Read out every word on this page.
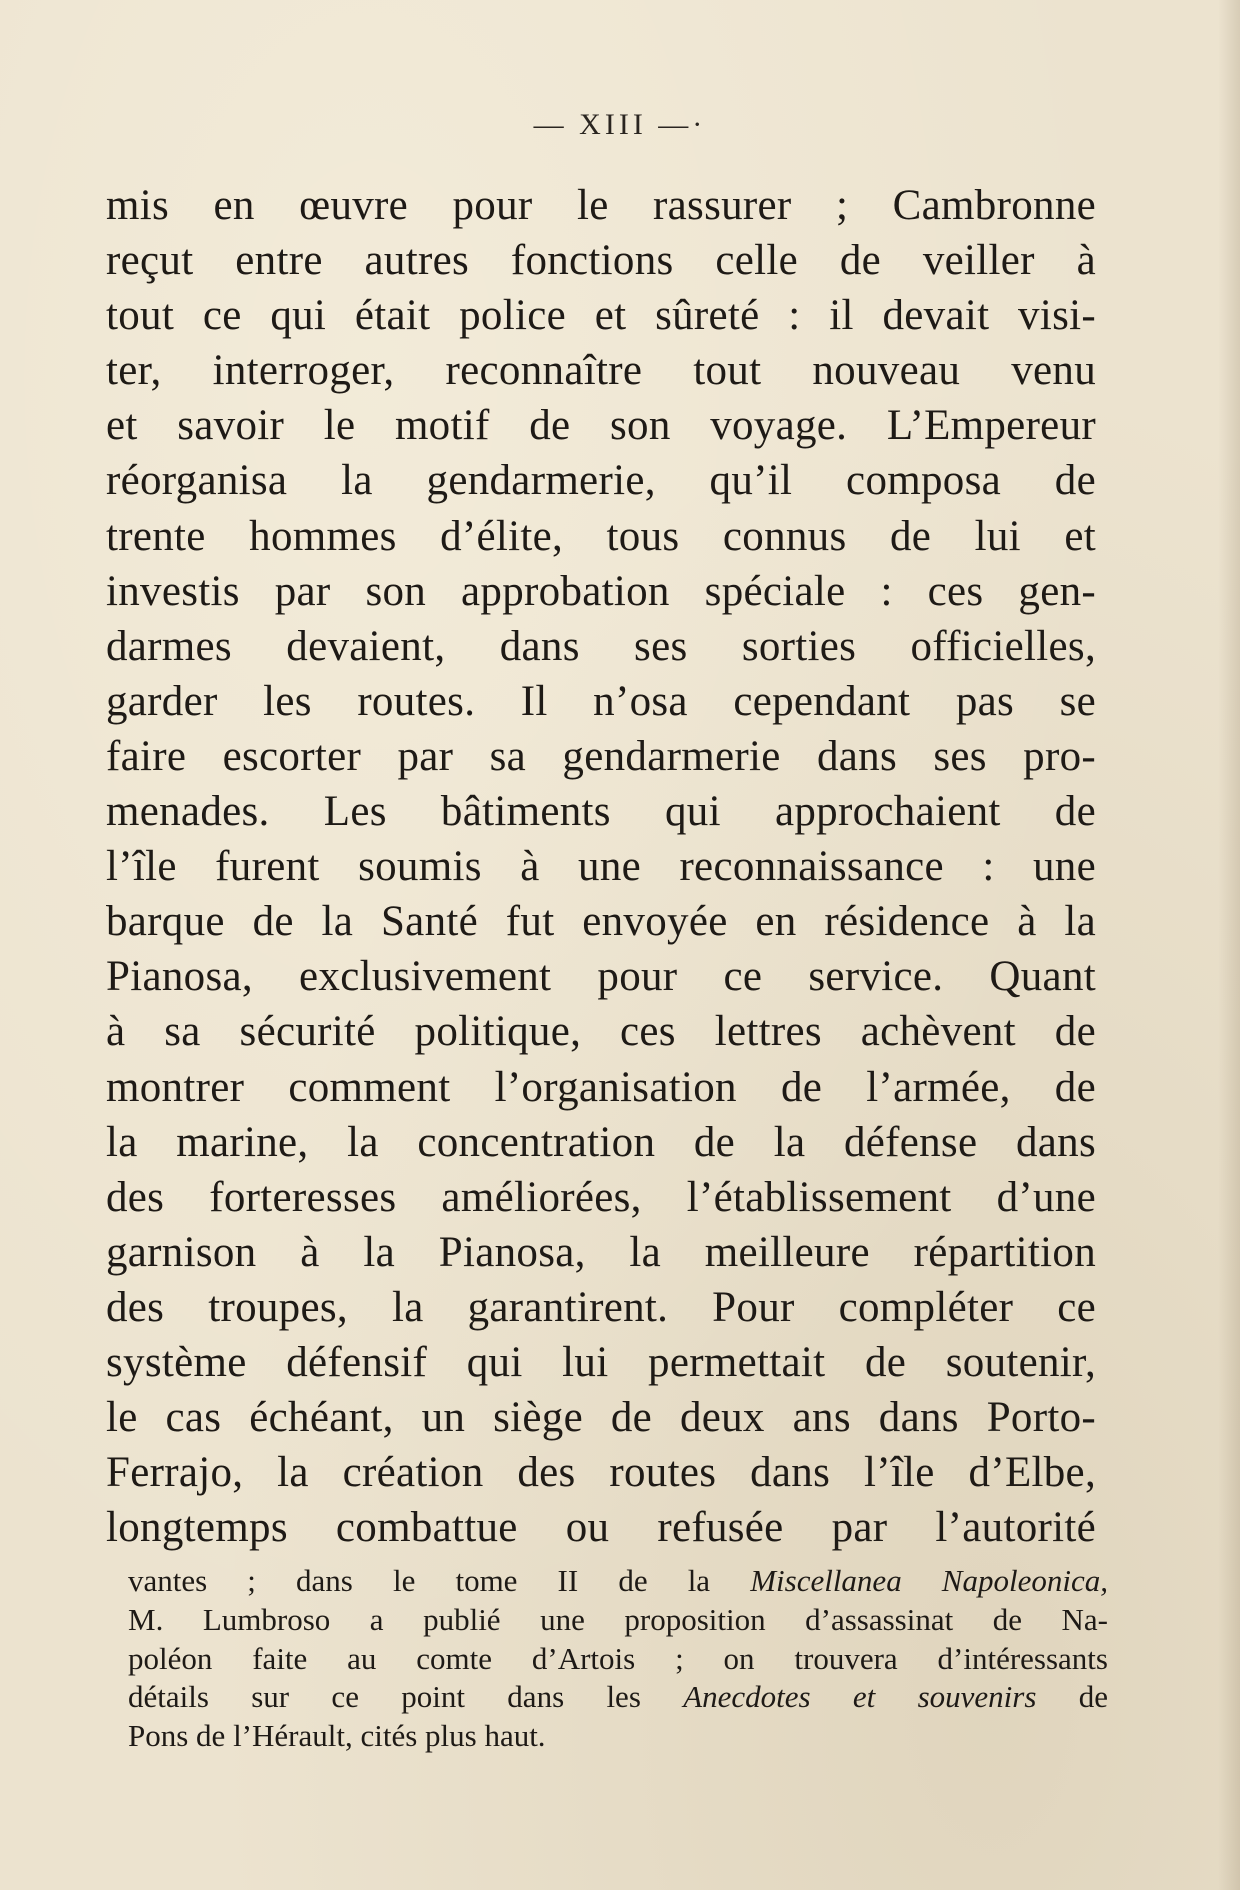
— XIII —·
mis en œuvre pour le rassurer ; Cambronne
reçut entre autres fonctions celle de veiller à
tout ce qui était police et sûreté : il devait visi-
ter, interroger, reconnaître tout nouveau venu
et savoir le motif de son voyage. L’Empereur
réorganisa la gendarmerie, qu’il composa de
trente hommes d’élite, tous connus de lui et
investis par son approbation spéciale : ces gen-
darmes devaient, dans ses sorties officielles,
garder les routes. Il n’osa cependant pas se
faire escorter par sa gendarmerie dans ses pro-
menades. Les bâtiments qui approchaient de
l’île furent soumis à une reconnaissance : une
barque de la Santé fut envoyée en résidence à la
Pianosa, exclusivement pour ce service. Quant
à sa sécurité politique, ces lettres achèvent de
montrer comment l’organisation de l’armée, de
la marine, la concentration de la défense dans
des forteresses améliorées, l’établissement d’une
garnison à la Pianosa, la meilleure répartition
des troupes, la garantirent. Pour compléter ce
système défensif qui lui permettait de soutenir,
le cas échéant, un siège de deux ans dans Porto-
Ferrajo, la création des routes dans l’île d’Elbe,
longtemps combattue ou refusée par l’autorité
vantes ; dans le tome II de la Miscellanea Napoleonica,
M. Lumbroso a publié une proposition d’assassinat de Na-
poléon faite au comte d’Artois ; on trouvera d’intéressants
détails sur ce point dans les Anecdotes et souvenirs de
Pons de l’Hérault, cités plus haut.
